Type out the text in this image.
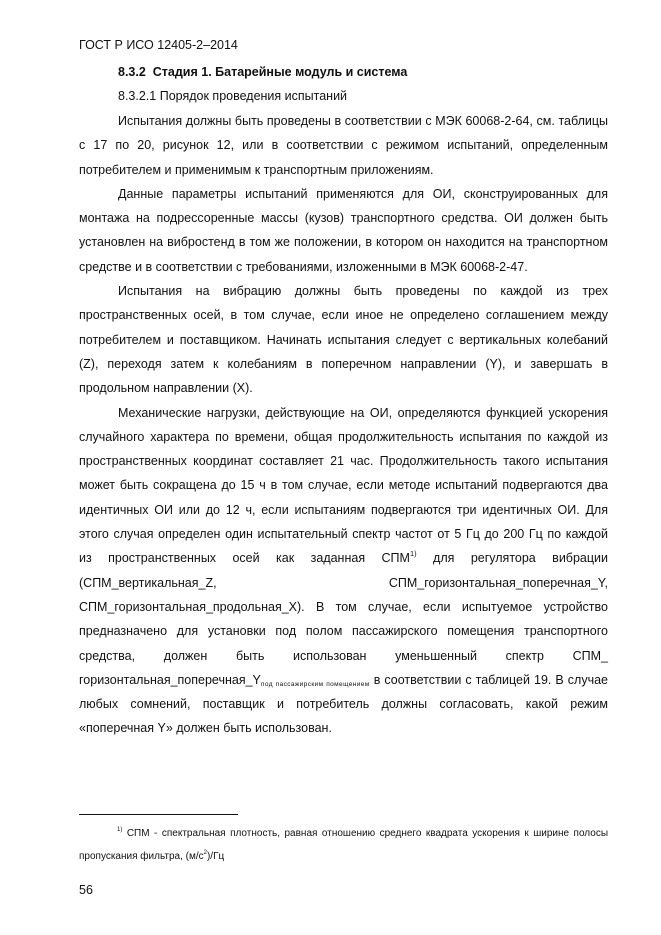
ГОСТ Р ИСО 12405-2–2014
8.3.2 Стадия 1. Батарейные модуль и система
8.3.2.1 Порядок проведения испытаний

Испытания должны быть проведены в соответствии с МЭК 60068-2-64, см. таблицы с 17 по 20, рисунок 12, или в соответствии с режимом испытаний, определенным потребителем и применимым к транспортным приложениям.

Данные параметры испытаний применяются для ОИ, сконструированных для монтажа на подрессоренные массы (кузов) транспортного средства. ОИ должен быть установлен на вибростенд в том же положении, в котором он находится на транспортном средстве и в соответствии с требованиями, изложенными в МЭК 60068-2-47.

Испытания на вибрацию должны быть проведены по каждой из трех пространственных осей, в том случае, если иное не определено соглашением между потребителем и поставщиком. Начинать испытания следует с вертикальных колебаний (Z), переходя затем к колебаниям в поперечном направлении (Y), и завершать в продольном направлении (X).

Механические нагрузки, действующие на ОИ, определяются функцией ускорения случайного характера по времени, общая продолжительность испытания по каждой из пространственных координат составляет 21 час. Продолжительность такого испытания может быть сокращена до 15 ч в том случае, если методе испытаний подвергаются два идентичных ОИ или до 12 ч, если испытаниям подвергаются три идентичных ОИ. Для этого случая определен один испытательный спектр частот от 5 Гц до 200 Гц по каждой из пространственных осей как заданная СПМ$^{1)}$ для регулятора вибрации (СПМ_вертикальная_Z, СПМ_горизонтальная_поперечная_Y, СПМ_горизонтальная_продольная_X). В том случае, если испытуемое устройство предназначено для установки под полом пассажирского помещения транспортного средства, должен быть использован уменьшенный спектр СПМ_ $горизонтальная\_поперечная\_Y_{под пассажирским помещением}$ в соответствии с таблицей 19. В случае любых сомнений, поставщик и потребитель должны согласовать, какой режим «поперечная Y» должен быть использован.

$^{1)}$ СПМ - спектральная плотность, равная отношению среднего квадрата ускорения к ширине полосы пропускания фильтра, $(м/с^2)/Гц$

56
